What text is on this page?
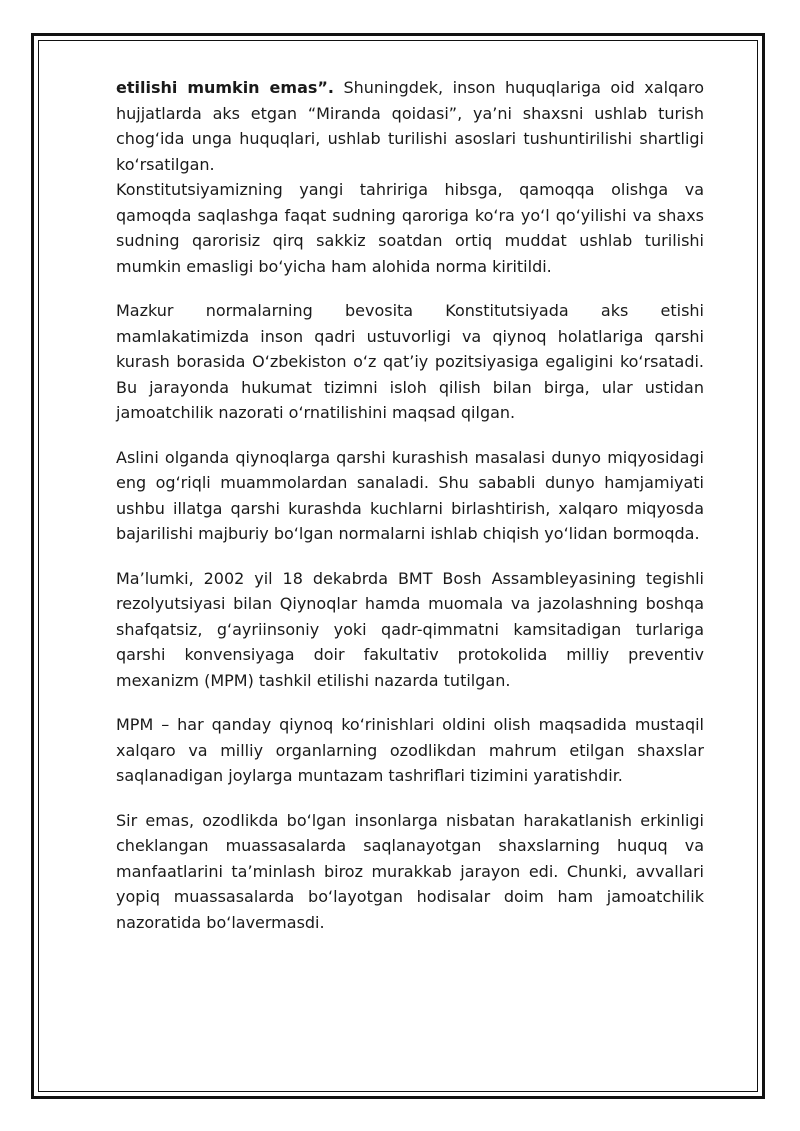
etilishi mumkin emas”. Shuningdek, inson huquqlariga oid xalqaro hujjatlarda aks etgan “Miranda qoidasi”, ya’ni shaxsni ushlab turish chog‘ida unga huquqlari, ushlab turilishi asoslari tushuntirilishi shartligi ko‘rsatilgan.
Konstitutsiyamizning yangi tahririga hibsga, qamoqqa olishga va qamoqda saqlashga faqat sudning qaroriga ko‘ra yo‘l qo‘yilishi va shaxs sudning qarorisiz qirq sakkiz soatdan ortiq muddat ushlab turilishi mumkin emasligi bo‘yicha ham alohida norma kiritildi.

Mazkur normalarning bevosita Konstitutsiyada aks etishi mamlakatimizda inson qadri ustuvorligi va qiynoq holatlariga qarshi kurash borasida O‘zbekiston o‘z qat’iy pozitsiyasiga egaligini ko‘rsatadi. Bu jarayonda hukumat tizimni isloh qilish bilan birga, ular ustidan jamoatchilik nazorati o‘rnatilishini maqsad qilgan.

Aslini olganda qiynoqlarga qarshi kurashish masalasi dunyo miqyosidagi eng og‘riqli muammolardan sanaladi. Shu sababli dunyo hamjamiyati ushbu illatga qarshi kurashda kuchlarni birlashtirish, xalqaro miqyosda bajarilishi majburiy bo‘lgan normalarni ishlab chiqish yo‘lidan bormoqda.

Ma’lumki, 2002 yil 18 dekabrda BMT Bosh Assambleyasining tegishli rezolyutsiyasi bilan Qiynoqlar hamda muomala va jazolashning boshqa shafqatsiz, g‘ayriinsoniy yoki qadr-qimmatni kamsitadigan turlariga qarshi konvensiyaga doir fakultativ protokolida milliy preventiv mexanizm (MPM) tashkil etilishi nazarda tutilgan.

MPM – har qanday qiynoq ko‘rinishlari oldini olish maqsadida mustaqil xalqaro va milliy organlarning ozodlikdan mahrum etilgan shaxslar saqlanadigan joylarga muntazam tashriflari tizimini yaratishdir.

Sir emas, ozodlikda bo‘lgan insonlarga nisbatan harakatlanish erkinligi cheklangan muassasalarda saqlanayotgan shaxslarning huquq va manfaatlarini ta’minlash biroz murakkab jarayon edi. Chunki, avvallari yopiq muassasalarda bo‘layotgan hodisalar doim ham jamoatchilik nazoratida bo‘lavermasdi.
